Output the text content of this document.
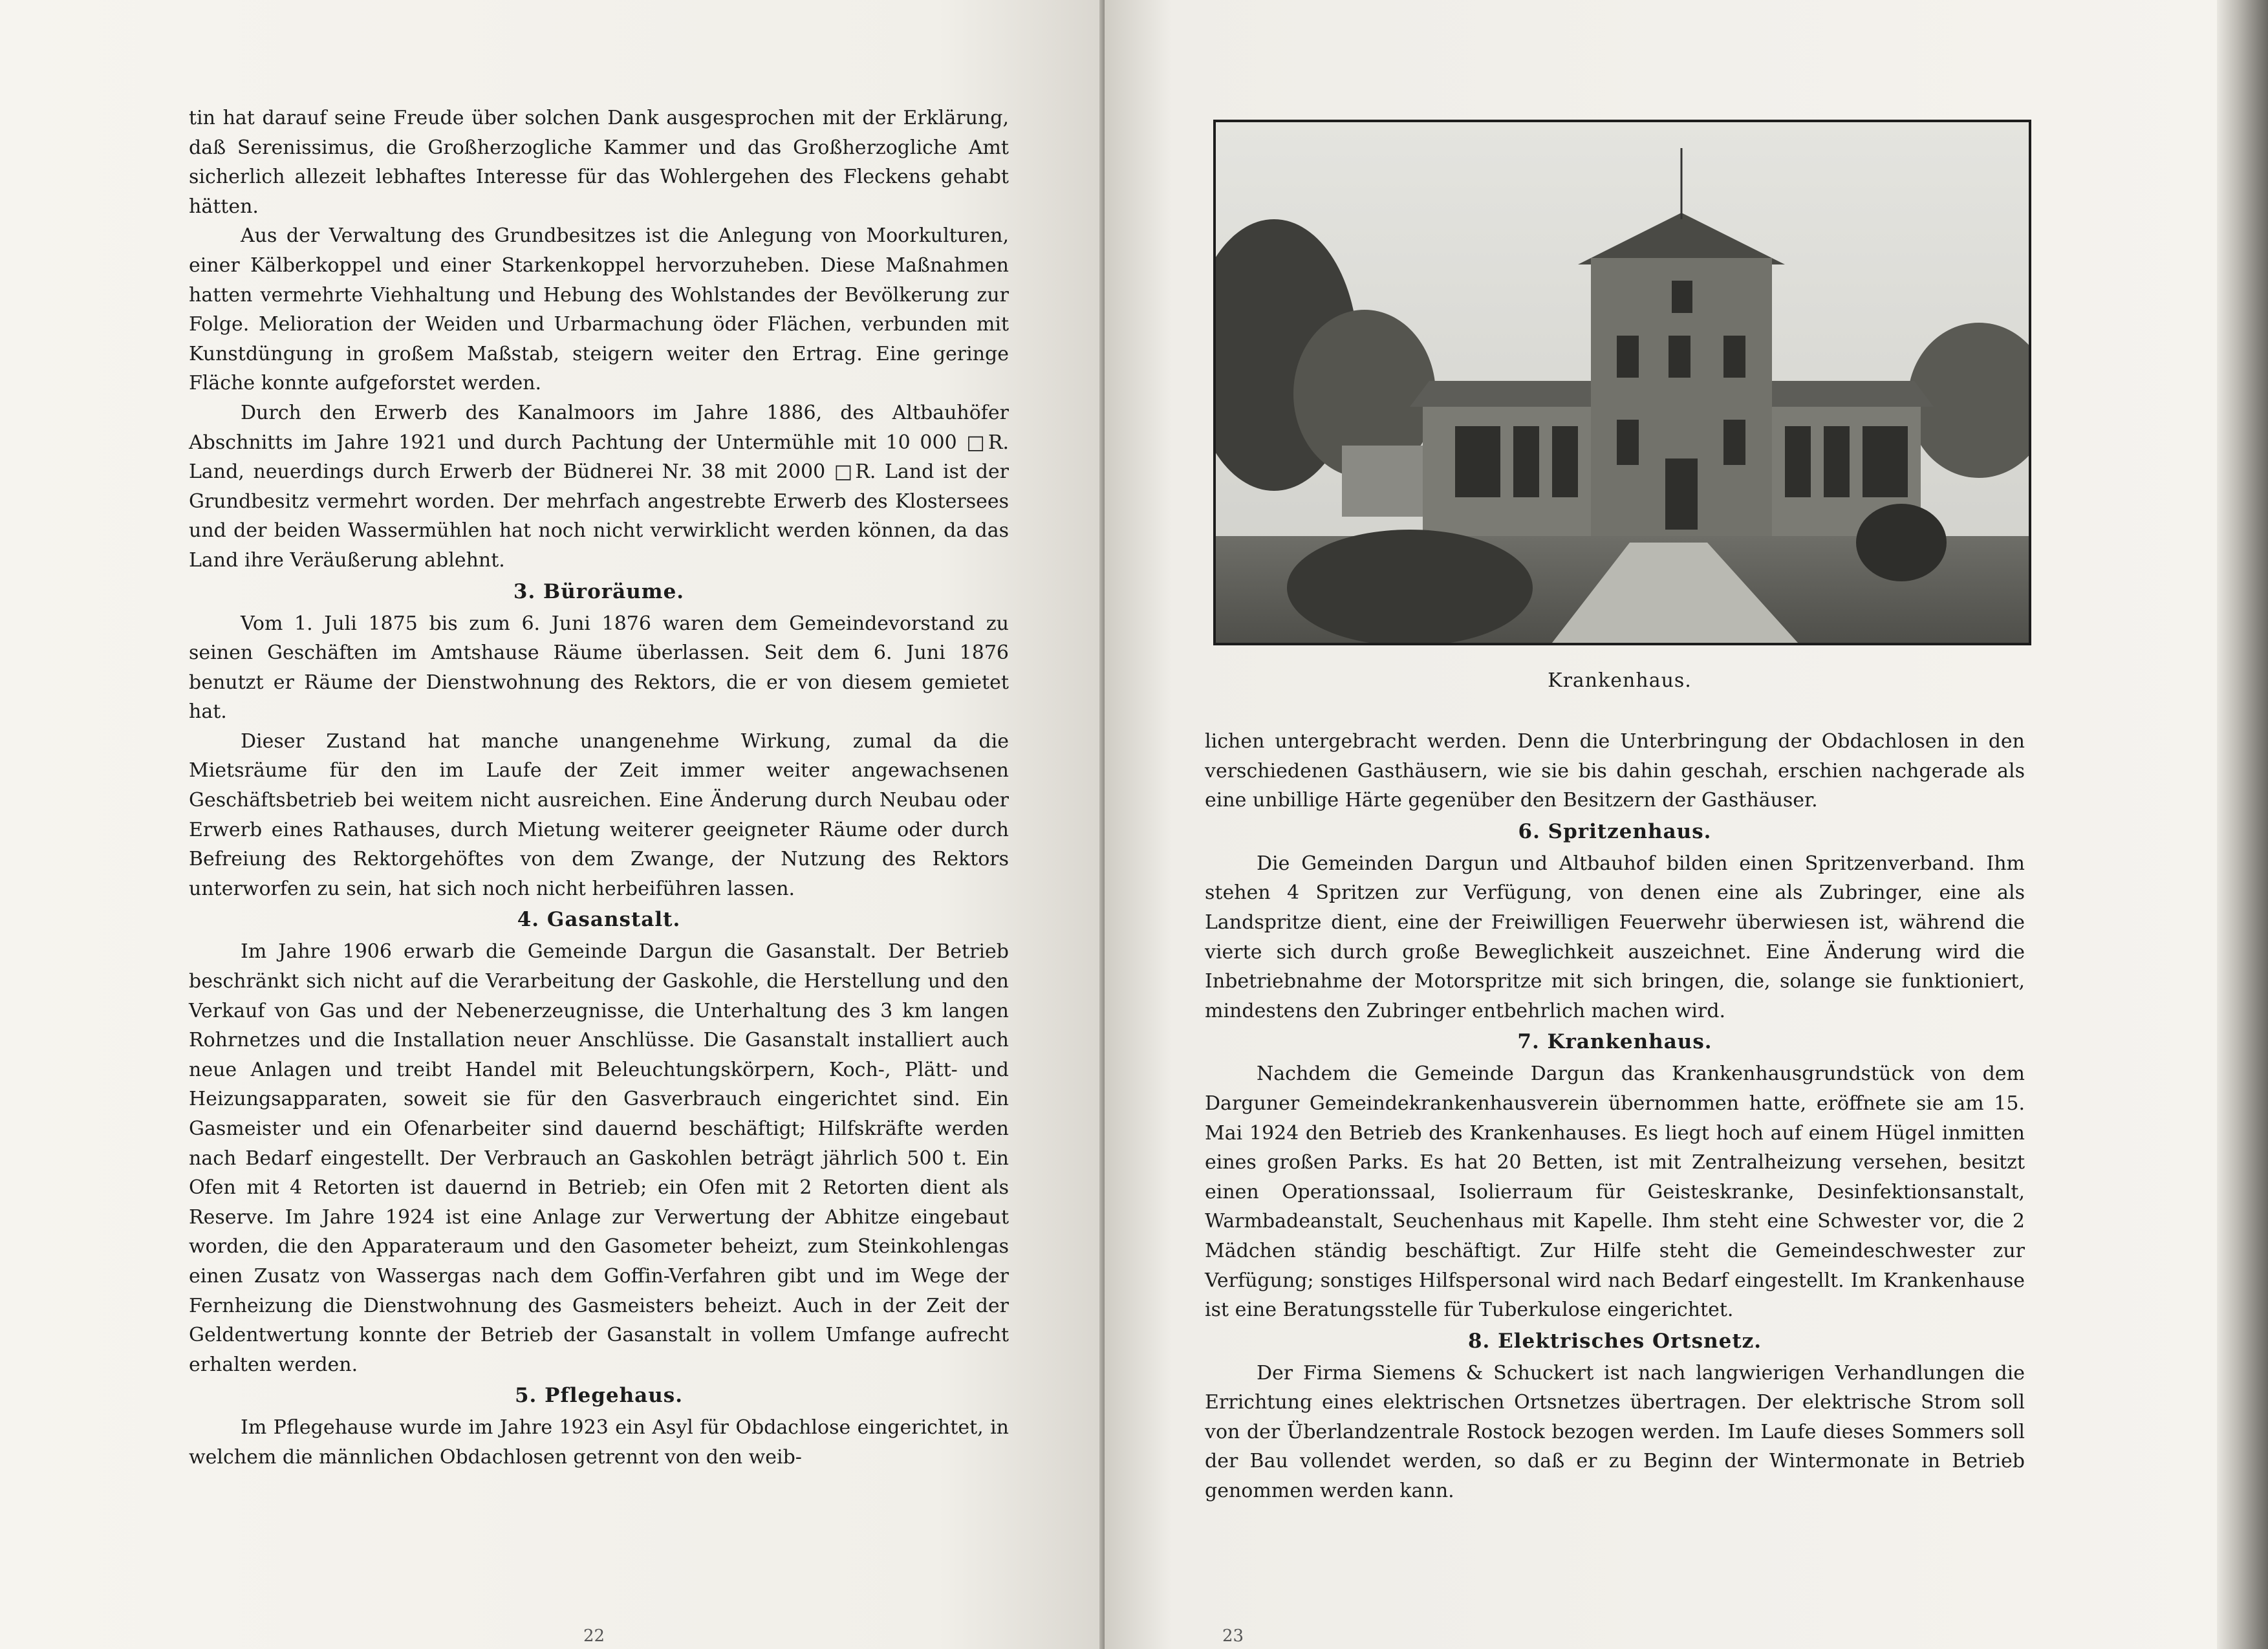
tin hat darauf seine Freude über solchen Dank ausgesprochen mit der Erklärung, daß Serenissimus, die Großherzogliche Kammer und das Großherzogliche Amt sicherlich allezeit lebhaftes Interesse für das Wohlergehen des Fleckens gehabt hätten.

Aus der Verwaltung des Grundbesitzes ist die Anlegung von Moorkulturen, einer Kälberkoppel und einer Starkenkoppel hervorzuheben. Diese Maßnahmen hatten vermehrte Viehhaltung und Hebung des Wohlstandes der Bevölkerung zur Folge. Melioration der Weiden und Urbarmachung öder Flächen, verbunden mit Kunstdüngung in großem Maßstab, steigern weiter den Ertrag. Eine geringe Fläche konnte aufgeforstet werden.

Durch den Erwerb des Kanalmoors im Jahre 1886, des Altbauhöfer Abschnitts im Jahre 1921 und durch Pachtung der Untermühle mit 10 000 □R. Land, neuerdings durch Erwerb der Büdnerei Nr. 38 mit 2000 □R. Land ist der Grundbesitz vermehrt worden. Der mehrfach angestrebte Erwerb des Klostersees und der beiden Wassermühlen hat noch nicht verwirklicht werden können, da das Land ihre Veräußerung ablehnt.

3. Büroräume.

Vom 1. Juli 1875 bis zum 6. Juni 1876 waren dem Gemeindevorstand zu seinen Geschäften im Amtshause Räume überlassen. Seit dem 6. Juni 1876 benutzt er Räume der Dienstwohnung des Rektors, die er von diesem gemietet hat.

Dieser Zustand hat manche unangenehme Wirkung, zumal da die Mietsräume für den im Laufe der Zeit immer weiter angewachsenen Geschäftsbetrieb bei weitem nicht ausreichen. Eine Änderung durch Neubau oder Erwerb eines Rathauses, durch Mietung weiterer geeigneter Räume oder durch Befreiung des Rektorgehöftes von dem Zwange, der Nutzung des Rektors unterworfen zu sein, hat sich noch nicht herbeiführen lassen.

4. Gasanstalt.

Im Jahre 1906 erwarb die Gemeinde Dargun die Gasanstalt. Der Betrieb beschränkt sich nicht auf die Verarbeitung der Gaskohle, die Herstellung und den Verkauf von Gas und der Nebenerzeugnisse, die Unterhaltung des 3 km langen Rohrnetzes und die Installation neuer Anschlüsse. Die Gasanstalt installiert auch neue Anlagen und treibt Handel mit Beleuchtungskörpern, Koch-, Plätt- und Heizungsapparaten, soweit sie für den Gasverbrauch eingerichtet sind. Ein Gasmeister und ein Ofenarbeiter sind dauernd beschäftigt; Hilfskräfte werden nach Bedarf eingestellt. Der Verbrauch an Gaskohlen beträgt jährlich 500 t. Ein Ofen mit 4 Retorten ist dauernd in Betrieb; ein Ofen mit 2 Retorten dient als Reserve. Im Jahre 1924 ist eine Anlage zur Verwertung der Abhitze eingebaut worden, die den Apparateraum und den Gasometer beheizt, zum Steinkohlengas einen Zusatz von Wassergas nach dem Goffin-Verfahren gibt und im Wege der Fernheizung die Dienstwohnung des Gasmeisters beheizt. Auch in der Zeit der Geldentwertung konnte der Betrieb der Gasanstalt in vollem Umfange aufrecht erhalten werden.

5. Pflegehaus.

Im Pflegehause wurde im Jahre 1923 ein Asyl für Obdachlose eingerichtet, in welchem die männlichen Obdachlosen getrennt von den weib-

22
Krankenhaus.

lichen untergebracht werden. Denn die Unterbringung der Obdachlosen in den verschiedenen Gasthäusern, wie sie bis dahin geschah, erschien nachgerade als eine unbillige Härte gegenüber den Besitzern der Gasthäuser.

6. Spritzenhaus.

Die Gemeinden Dargun und Altbauhof bilden einen Spritzenverband. Ihm stehen 4 Spritzen zur Verfügung, von denen eine als Zubringer, eine als Landspritze dient, eine der Freiwilligen Feuerwehr überwiesen ist, während die vierte sich durch große Beweglichkeit auszeichnet. Eine Änderung wird die Inbetriebnahme der Motorspritze mit sich bringen, die, solange sie funktioniert, mindestens den Zubringer entbehrlich machen wird.

7. Krankenhaus.

Nachdem die Gemeinde Dargun das Krankenhausgrundstück von dem Darguner Gemeindekrankenhausverein übernommen hatte, eröffnete sie am 15. Mai 1924 den Betrieb des Krankenhauses. Es liegt hoch auf einem Hügel inmitten eines großen Parks. Es hat 20 Betten, ist mit Zentralheizung versehen, besitzt einen Operationssaal, Isolierraum für Geisteskranke, Desinfektionsanstalt, Warmbadeanstalt, Seuchenhaus mit Kapelle. Ihm steht eine Schwester vor, die 2 Mädchen ständig beschäftigt. Zur Hilfe steht die Gemeindeschwester zur Verfügung; sonstiges Hilfspersonal wird nach Bedarf eingestellt. Im Krankenhause ist eine Beratungsstelle für Tuberkulose eingerichtet.

8. Elektrisches Ortsnetz.

Der Firma Siemens & Schuckert ist nach langwierigen Verhandlungen die Errichtung eines elektrischen Ortsnetzes übertragen. Der elektrische Strom soll von der Überlandzentrale Rostock bezogen werden. Im Laufe dieses Sommers soll der Bau vollendet werden, so daß er zu Beginn der Wintermonate in Betrieb genommen werden kann.

23
